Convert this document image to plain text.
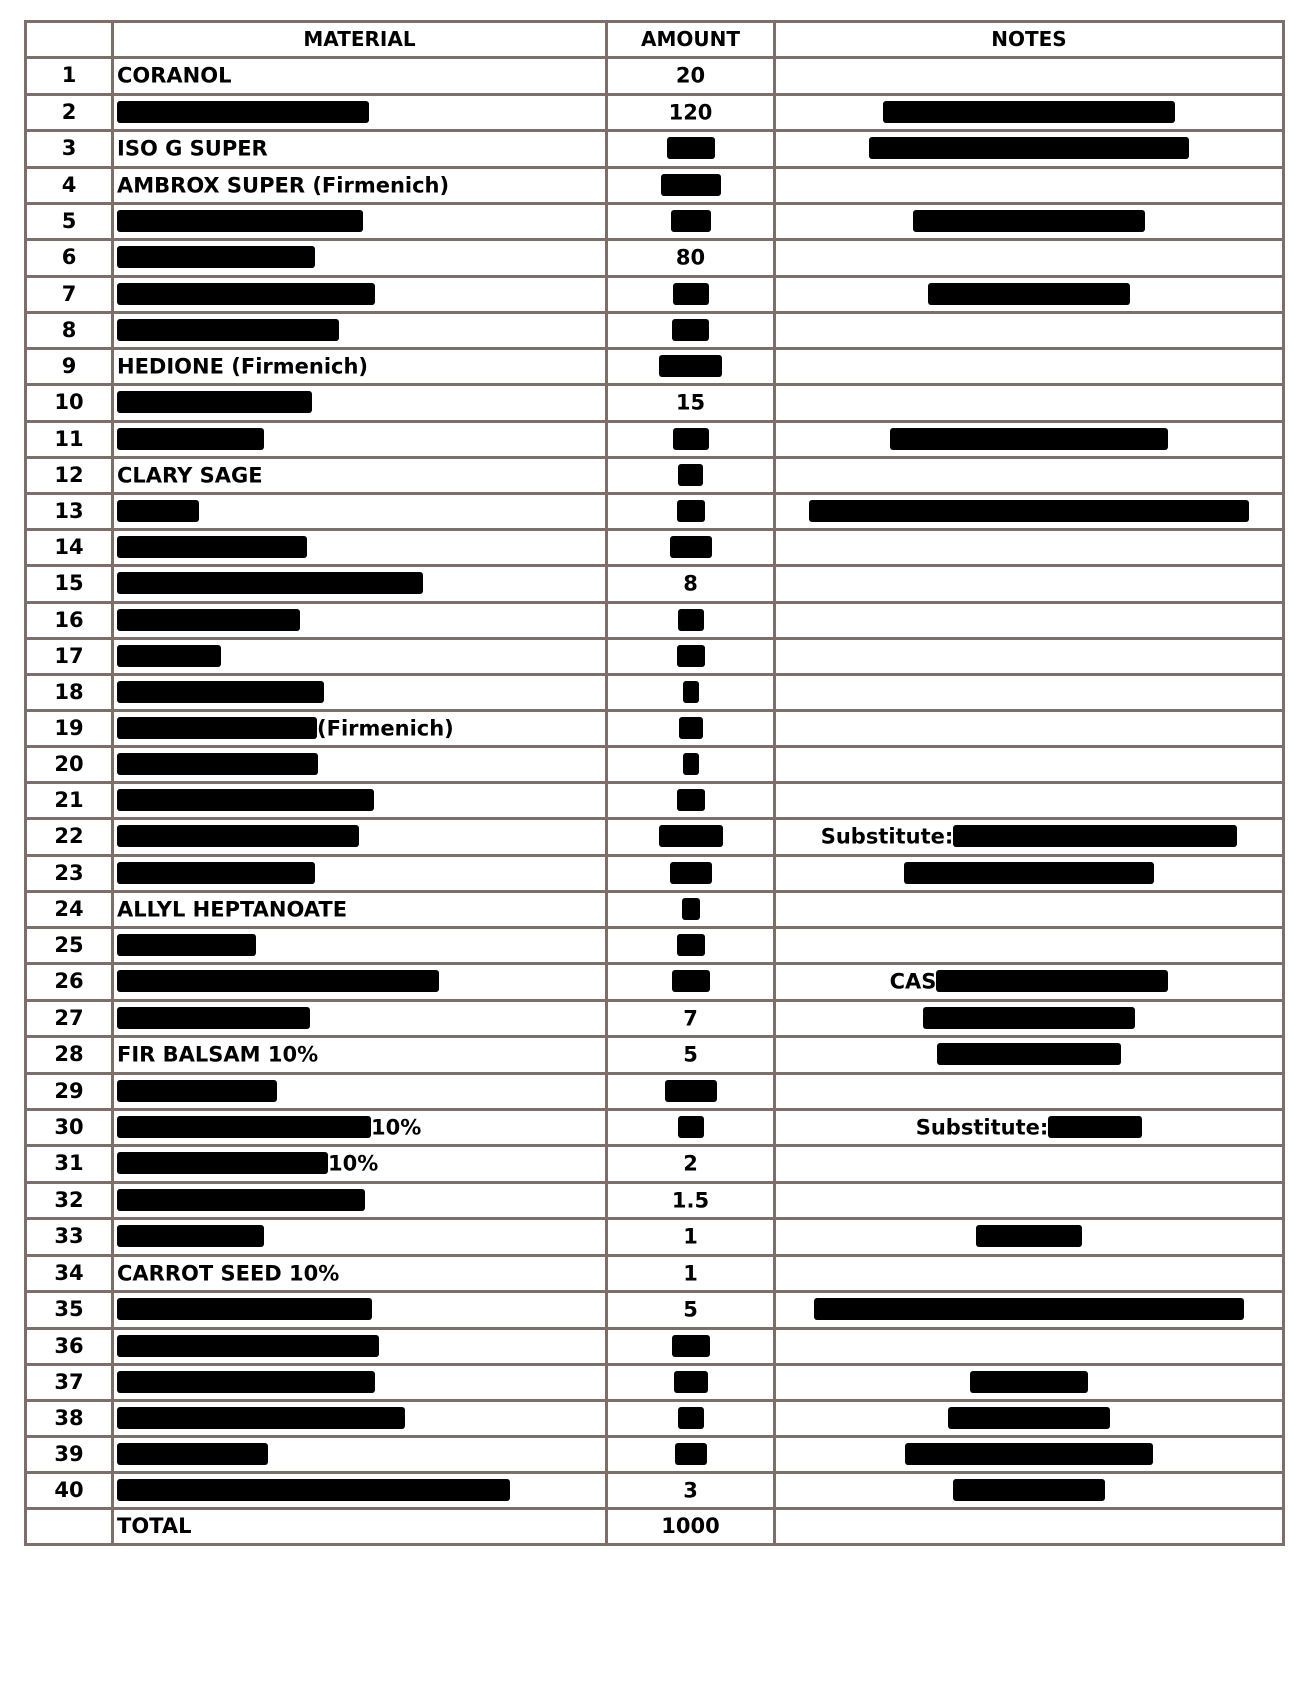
	MATERIAL	AMOUNT	NOTES
1	CORANOL	20	
2		120	
3	ISO G SUPER		
4	AMBROX SUPER (Firmenich)		
5			
6		80	
7			
8			
9	HEDIONE (Firmenich)		
10		15	
11			
12	CLARY SAGE		
13			
14			
15		8	
16			
17			
18			
19	(Firmenich)		
20			
21			
22			Substitute:
23			
24	ALLYL HEPTANOATE		
25			
26			CAS
27		7	
28	FIR BALSAM 10%	5	
29			
30	10%		Substitute:
31	10%	2	
32		1.5	
33		1	
34	CARROT SEED 10%	1	
35		5	
36			
37			
38			
39			
40		3	
	TOTAL	1000	
